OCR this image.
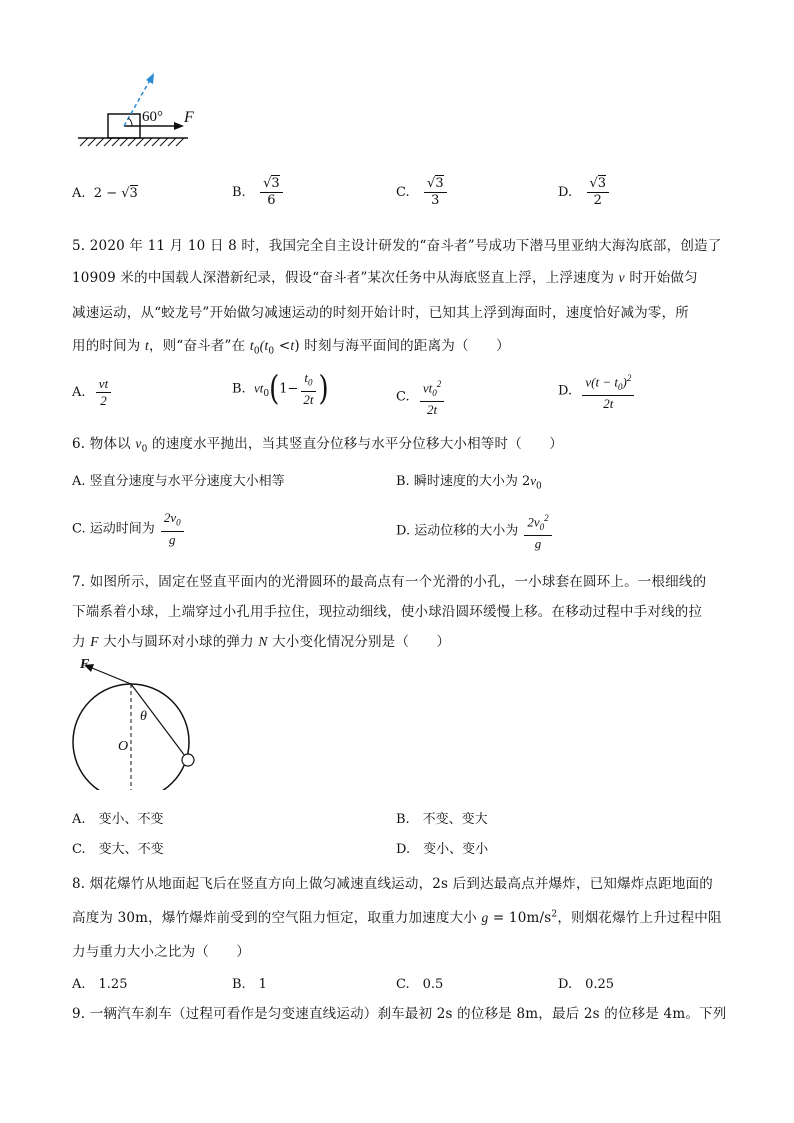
60° F
A. 2 − √3	B. $\frac{√3}{6}$	C. $\frac{√3}{3}$	D. $\frac{√3}{2}$
5. 2020 年 11 月 10 日 8 时，我国完全自主设计研发的“奋斗者”号成功下潜马里亚纳大海沟底部，创造了
10909 米的中国载人深潜新纪录，假设“奋斗者”某次任务中从海底竖直上浮，上浮速度为 v 时开始做匀
减速运动，从“蛟龙号”开始做匀减速运动的时刻开始计时，已知其上浮到海面时，速度恰好减为零，所
用的时间为 t，则“奋斗者”在 $t_0(t_0 <t)$ 时刻与海平面间的距离为（　　）
A. $\frac{vt}{2}$	B. $vt_0(1- \frac{t_0}{2t}$ )	C. $\frac{vt_0^2}{2t}$	D. $\frac{v(t - t_0)^2}{2t}$
6. 物体以 $v_0$ 的速度水平抛出，当其竖直分位移与水平分位移大小相等时（　　）
A. 竖直分速度与水平分速度大小相等	B. 瞬时速度的大小为 $2v_0$
C. 运动时间为 $\frac{2v_0}{g}$	D. 运动位移的大小为 $\frac{2v_0^2}{g}$
7. 如图所示，固定在竖直平面内的光滑圆环的最高点有一个光滑的小孔，一小球套在圆环上。一根细线的
下端系着小球，上端穿过小孔用手拉住，现拉动细线，使小球沿圆环缓慢上移。在移动过程中手对线的拉
力 F 大小与圆环对小球的弹力 N 大小变化情况分别是（　　）
F
θ
O
A.　变小、不变	B.　不变、变大
C.　变大、不变	D.　变小、变小
8. 烟花爆竹从地面起飞后在竖直方向上做匀减速直线运动，2s 后到达最高点并爆炸，已知爆炸点距地面的
高度为 30m，爆竹爆炸前受到的空气阻力恒定，取重力加速度大小 $g = 10m/s^2$，则烟花爆竹上升过程中阻
力与重力大小之比为（　　）
A.　1.25	B.　1	C.　0.5	D.　0.25
9. 一辆汽车刹车（过程可看作是匀变速直线运动）刹车最初 2s 的位移是 8m，最后 2s 的位移是 4m。下列
